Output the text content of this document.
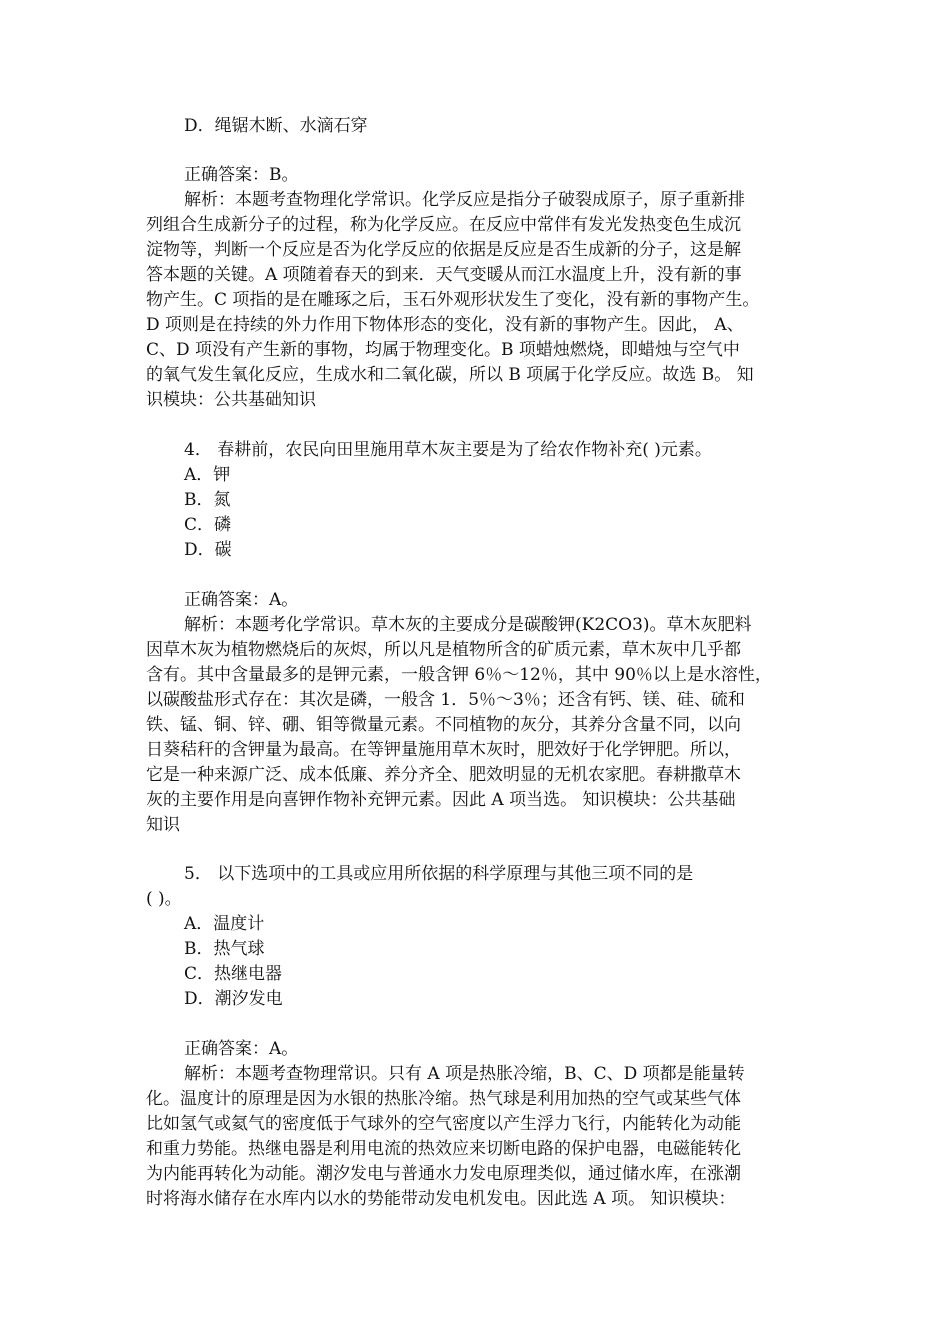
D．绳锯木断、水滴石穿
正确答案：B。
解析：本题考查物理化学常识。化学反应是指分子破裂成原子，原子重新排
列组合生成新分子的过程，称为化学反应。在反应中常伴有发光发热变色生成沉
淀物等，判断一个反应是否为化学反应的依据是反应是否生成新的分子，这是解
答本题的关键。A 项随着春天的到来．天气变暖从而江水温度上升，没有新的事
物产生。C 项指的是在雕琢之后，玉石外观形状发生了变化，没有新的事物产生。
D 项则是在持续的外力作用下物体形态的变化，没有新的事物产生。因此， A、
C、D 项没有产生新的事物，均属于物理变化。B 项蜡烛燃烧，即蜡烛与空气中
的氧气发生氧化反应，生成水和二氧化碳，所以 B 项属于化学反应。故选 B。 知
识模块：公共基础知识
4． 春耕前，农民向田里施用草木灰主要是为了给农作物补充( )元素。
A．钾
B．氮
C．磷
D．碳
正确答案：A。
解析：本题考化学常识。草木灰的主要成分是碳酸钾(K2CO3)。草木灰肥料
因草木灰为植物燃烧后的灰烬，所以凡是植物所含的矿质元素，草木灰中几乎都
含有。其中含量最多的是钾元素，一般含钾 6％～12％，其中 90％以上是水溶性，
以碳酸盐形式存在：其次是磷，一般含 1．5％～3％；还含有钙、镁、硅、硫和
铁、锰、铜、锌、硼、钼等微量元素。不同植物的灰分，其养分含量不同，以向
日葵秸秆的含钾量为最高。在等钾量施用草木灰时，肥效好于化学钾肥。所以，
它是一种来源广泛、成本低廉、养分齐全、肥效明显的无机农家肥。春耕撒草木
灰的主要作用是向喜钾作物补充钾元素。因此 A 项当选。 知识模块：公共基础
知识
5． 以下选项中的工具或应用所依据的科学原理与其他三项不同的是
( )。
A．温度计
B．热气球
C．热继电器
D．潮汐发电
正确答案：A。
解析：本题考查物理常识。只有 A 项是热胀冷缩，B、C、D 项都是能量转
化。温度计的原理是因为水银的热胀冷缩。热气球是利用加热的空气或某些气体
比如氢气或氦气的密度低于气球外的空气密度以产生浮力飞行，内能转化为动能
和重力势能。热继电器是利用电流的热效应来切断电路的保护电器，电磁能转化
为内能再转化为动能。潮汐发电与普通水力发电原理类似，通过储水库，在涨潮
时将海水储存在水库内以水的势能带动发电机发电。因此选 A 项。 知识模块：
